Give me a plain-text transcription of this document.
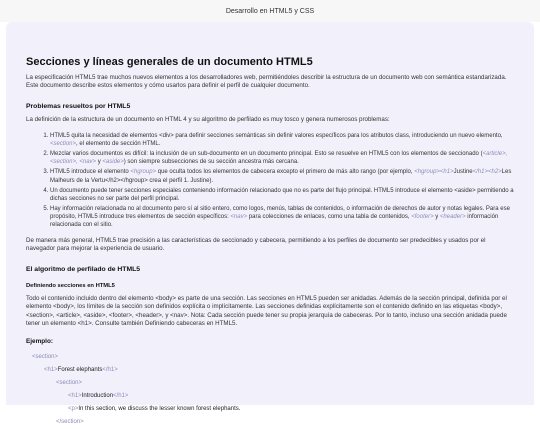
Desarrollo en HTML5 y CSS
Secciones y líneas generales de un documento HTML5

La especificación HTML5 trae muchos nuevos elementos a los desarrolladores web, permitiéndoles describir la estructura de un documento web con semántica estandarizada. Este documento describe estos elementos y cómo usarlos para definir el perfil de cualquier documento.

Problemas resueltos por HTML5

La definición de la estructura de un documento en HTML 4 y su algoritmo de perfilado es muy tosco y genera numerosos problemas:

1. HTML5 quita la necesidad de elementos <div> para definir secciones semánticas sin definir valores específicos para los atributos class, introduciendo un nuevo elemento, <section>, el elemento de sección HTML.
2. Mezclar varios documentos es difícil: la inclusión de un sub-documento en un documento principal. Esto se resuelve en HTML5 con los elementos de seccionado (<article>, <section>, <nav> y <aside>) son siempre subsecciones de su sección ancestra más cercana.
3. HTML5 introduce el elemento <hgroup> que oculta todos los elementos de cabecera excepto el primero de más alto rango (por ejemplo, <hgroup><h1>Justine</h1><h2>Les Malheurs de la Vertu</h2></hgroup> crea el perfil 1. Justine).
4. Un documento puede tener secciones especiales conteniendo información relacionado que no es parte del flujo principal. HTML5 introduce el elemento <aside> permitiendo a dichas secciones no ser parte del perfil principal.
5. Hay información relacionada no al documento pero sí al sitio entero, como logos, menús, tablas de contenidos, o información de derechos de autor y notas legales. Para ese propósito, HTML5 introduce tres elementos de sección específicos: <nav> para colecciones de enlaces, como una tabla de contenidos, <footer> y <header> información relacionada con el sitio.

De manera más general, HTML5 trae precisión a las características de seccionado y cabecera, permitiendo a los perfiles de documento ser predecibles y usados por el navegador para mejorar la experiencia de usuario.

El algoritmo de perfilado de HTML5
Definiendo secciones en HTML5

Todo el contenido incluido dentro del elemento <body> es parte de una sección. Las secciones en HTML5 pueden ser anidadas. Además de la sección principal, definida por el elemento <body>, los límites de la sección son definidos explícita o implícitamente. Las secciones definidas explícitamente son el contenido definido en las etiquetas <body>, <section>, <article>, <aside>, <footer>, <header>, y <nav>. Nota: Cada sección puede tener su propia jerarquía de cabeceras. Por lo tanto, incluso una sección anidada puede tener un elemento <h1>. Consulte también Definiendo cabeceras en HTML5.

Ejemplo:
<section>
<h1>Forest elephants</h1>
<section>
<h1>Introduction</h1>
<p>In this section, we discuss the lesser known forest elephants.
</section>
